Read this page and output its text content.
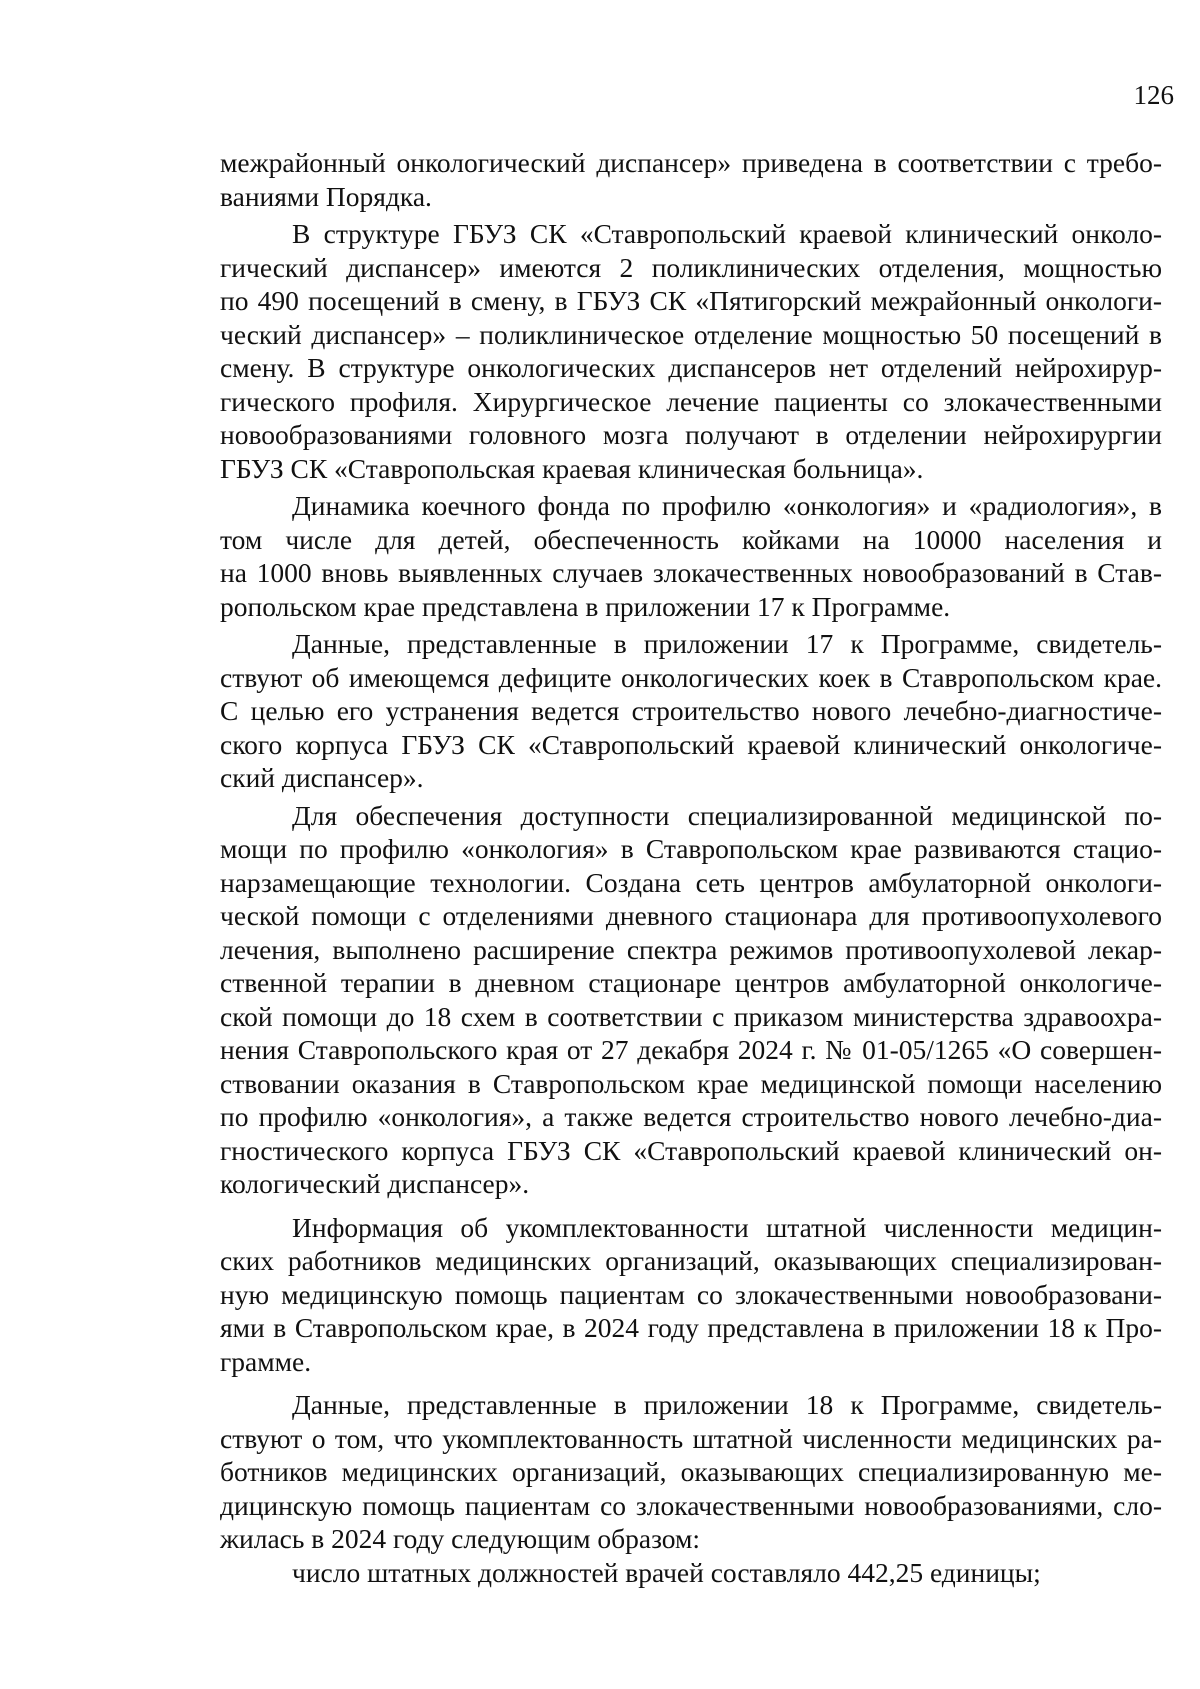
126
межрайонный онкологический диспансер» приведена в соответствии с требо-
ваниями Порядка.
В структуре ГБУЗ СК «Ставропольский краевой клинический онколо-
гический диспансер» имеются 2 поликлинических отделения, мощностью
по 490 посещений в смену, в ГБУЗ СК «Пятигорский межрайонный онкологи-
ческий диспансер» – поликлиническое отделение мощностью 50 посещений в
смену. В структуре онкологических диспансеров нет отделений нейрохирур-
гического профиля. Хирургическое лечение пациенты со злокачественными
новообразованиями головного мозга получают в отделении нейрохирургии
ГБУЗ СК «Ставропольская краевая клиническая больница».
Динамика коечного фонда по профилю «онкология» и «радиология», в
том числе для детей, обеспеченность койками на 10000 населения и
на 1000 вновь выявленных случаев злокачественных новообразований в Став-
ропольском крае представлена в приложении 17 к Программе.
Данные, представленные в приложении 17 к Программе, свидетель-
ствуют об имеющемся дефиците онкологических коек в Ставропольском крае.
С целью его устранения ведется строительство нового лечебно-диагностиче-
ского корпуса ГБУЗ СК «Ставропольский краевой клинический онкологиче-
ский диспансер».
Для обеспечения доступности специализированной медицинской по-
мощи по профилю «онкология» в Ставропольском крае развиваются стацио-
нарзамещающие технологии. Создана сеть центров амбулаторной онкологи-
ческой помощи с отделениями дневного стационара для противоопухолевого
лечения, выполнено расширение спектра режимов противоопухолевой лекар-
ственной терапии в дневном стационаре центров амбулаторной онкологиче-
ской помощи до 18 схем в соответствии с приказом министерства здравоохра-
нения Ставропольского края от 27 декабря 2024 г. № 01-05/1265 «О совершен-
ствовании оказания в Ставропольском крае медицинской помощи населению
по профилю «онкология», а также ведется строительство нового лечебно-диа-
гностического корпуса ГБУЗ СК «Ставропольский краевой клинический он-
кологический диспансер».
Информация об укомплектованности штатной численности медицин-
ских работников медицинских организаций, оказывающих специализирован-
ную медицинскую помощь пациентам со злокачественными новообразовани-
ями в Ставропольском крае, в 2024 году представлена в приложении 18 к Про-
грамме.
Данные, представленные в приложении 18 к Программе, свидетель-
ствуют о том, что укомплектованность штатной численности медицинских ра-
ботников медицинских организаций, оказывающих специализированную ме-
дицинскую помощь пациентам со злокачественными новообразованиями, сло-
жилась в 2024 году следующим образом:
число штатных должностей врачей составляло 442,25 единицы;
